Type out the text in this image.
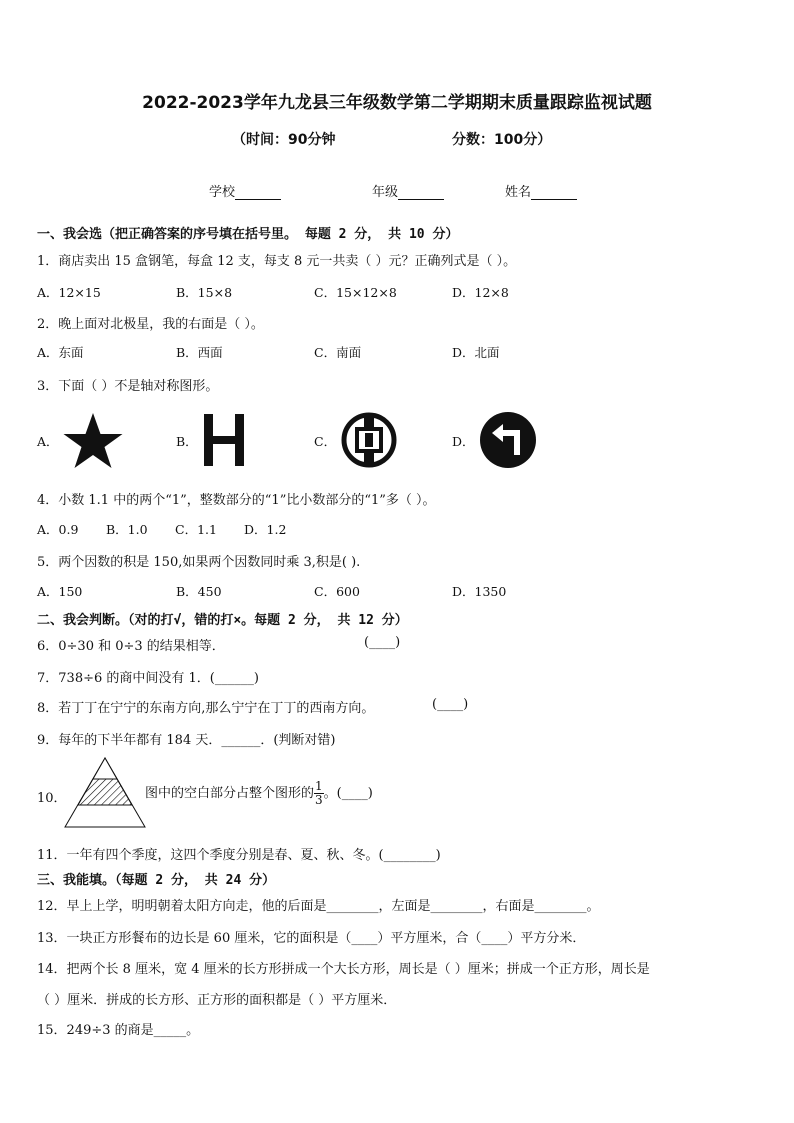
2022-2023学年九龙县三年级数学第二学期期末质量跟踪监视试题
（时间：90分钟	分数：100分）
学校	年级	姓名
一、我会选（把正确答案的序号填在括号里。 每题 2 分， 共 10 分）
1．商店卖出 15 盒钢笔，每盒 12 支，每支 8 元一共卖（ ）元？正确列式是（ ）。
A．12×15	B．15×8	C．15×12×8	D．12×8
2．晚上面对北极星，我的右面是（ ）。
A．东面	B．西面	C．南面	D．北面
3．下面（ ）不是轴对称图形。
A．	B．	C．	D．
4．小数 1.1 中的两个“1”，整数部分的“1”比小数部分的“1”多（ ）。
A．0.9 B．1.0 C．1.1 D．1.2
5．两个因数的积是 150,如果两个因数同时乘 3,积是( ).
A．150	B．450	C．600	D．1350
二、我会判断。（对的打√，错的打×。每题 2 分， 共 12 分）
6．0÷30 和 0÷3 的结果相等．	(____)
7．738÷6 的商中间没有 1．(______)
8．若丁丁在宁宁的东南方向,那么宁宁在丁丁的西南方向。	(____)
9．每年的下半年都有 184 天．______．(判断对错)
10．	图中的空白部分占整个图形的 $\frac{1}{3}$ 。(____)
11．一年有四个季度，这四个季度分别是春、夏、秋、冬。(________)
三、我能填。（每题 2 分， 共 24 分）
12．早上上学，明明朝着太阳方向走，他的后面是________，左面是________，右面是________。
13．一块正方形餐布的边长是 60 厘米，它的面积是（____）平方厘米，合（____）平方分米．
14．把两个长 8 厘米，宽 4 厘米的长方形拼成一个大长方形，周长是（ ）厘米；拼成一个正方形，周长是
（ ）厘米．拼成的长方形、正方形的面积都是（ ）平方厘米．
15．249÷3 的商是_____。
